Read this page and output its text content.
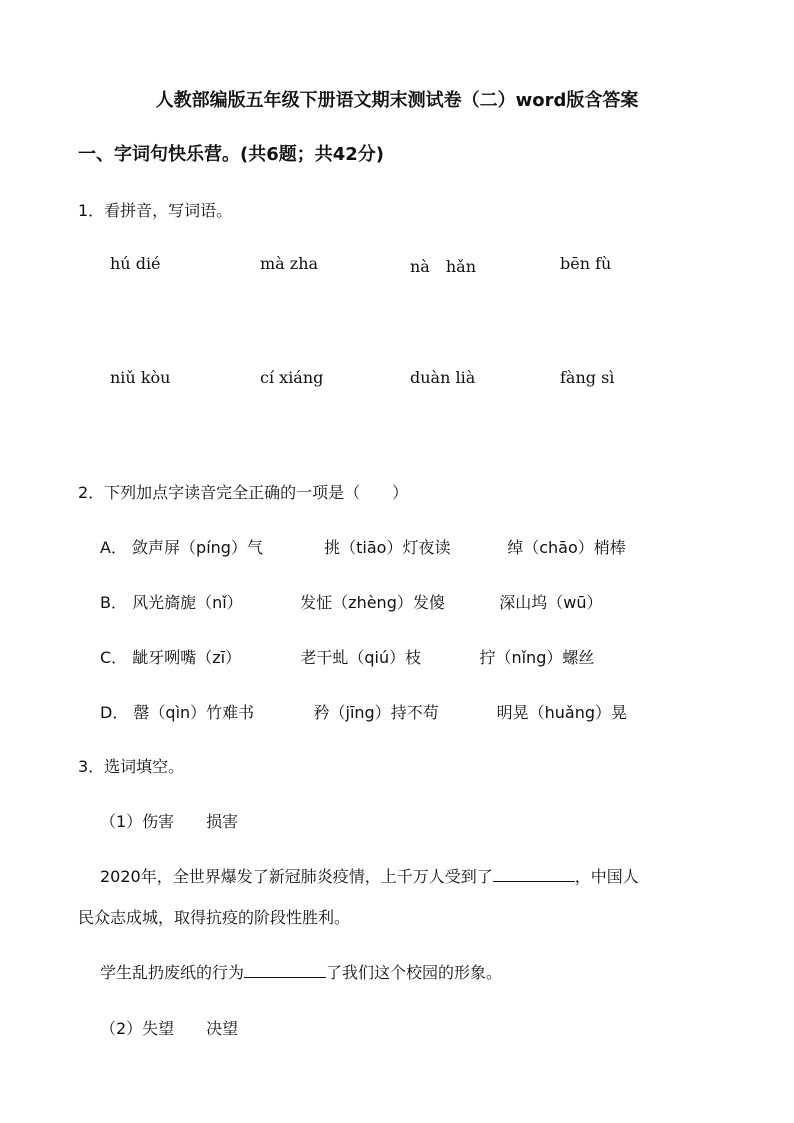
人教部编版五年级下册语文期末测试卷（二）word版含答案
一、字词句快乐营。(共6题；共42分)
1．看拼音，写词语。
hú dié	mà zha	nà　hǎn	bēn fù
niǔ kòu	cí xiáng	duàn lià	fàng sì
2．下列加点字读音完全正确的一项是（　　）
A． 敛声屏（píng）气	挑（tiāo）灯夜读	绰（chāo）梢棒
B． 风光旖旎（nǐ）	发怔（zhèng）发傻	深山坞（wū）
C． 龇牙咧嘴（zī）	老干虬（qiú）枝	拧（nǐng）螺丝
D． 罄（qìn）竹难书	矜（jīng）持不苟	明晃（huǎng）晃
3．选词填空。
（1）伤害　　损害
2020年，全世界爆发了新冠肺炎疫情，上千万人受到了	，中国人
民众志成城，取得抗疫的阶段性胜利。
学生乱扔废纸的行为	了我们这个校园的形象。
（2）失望　　决望
